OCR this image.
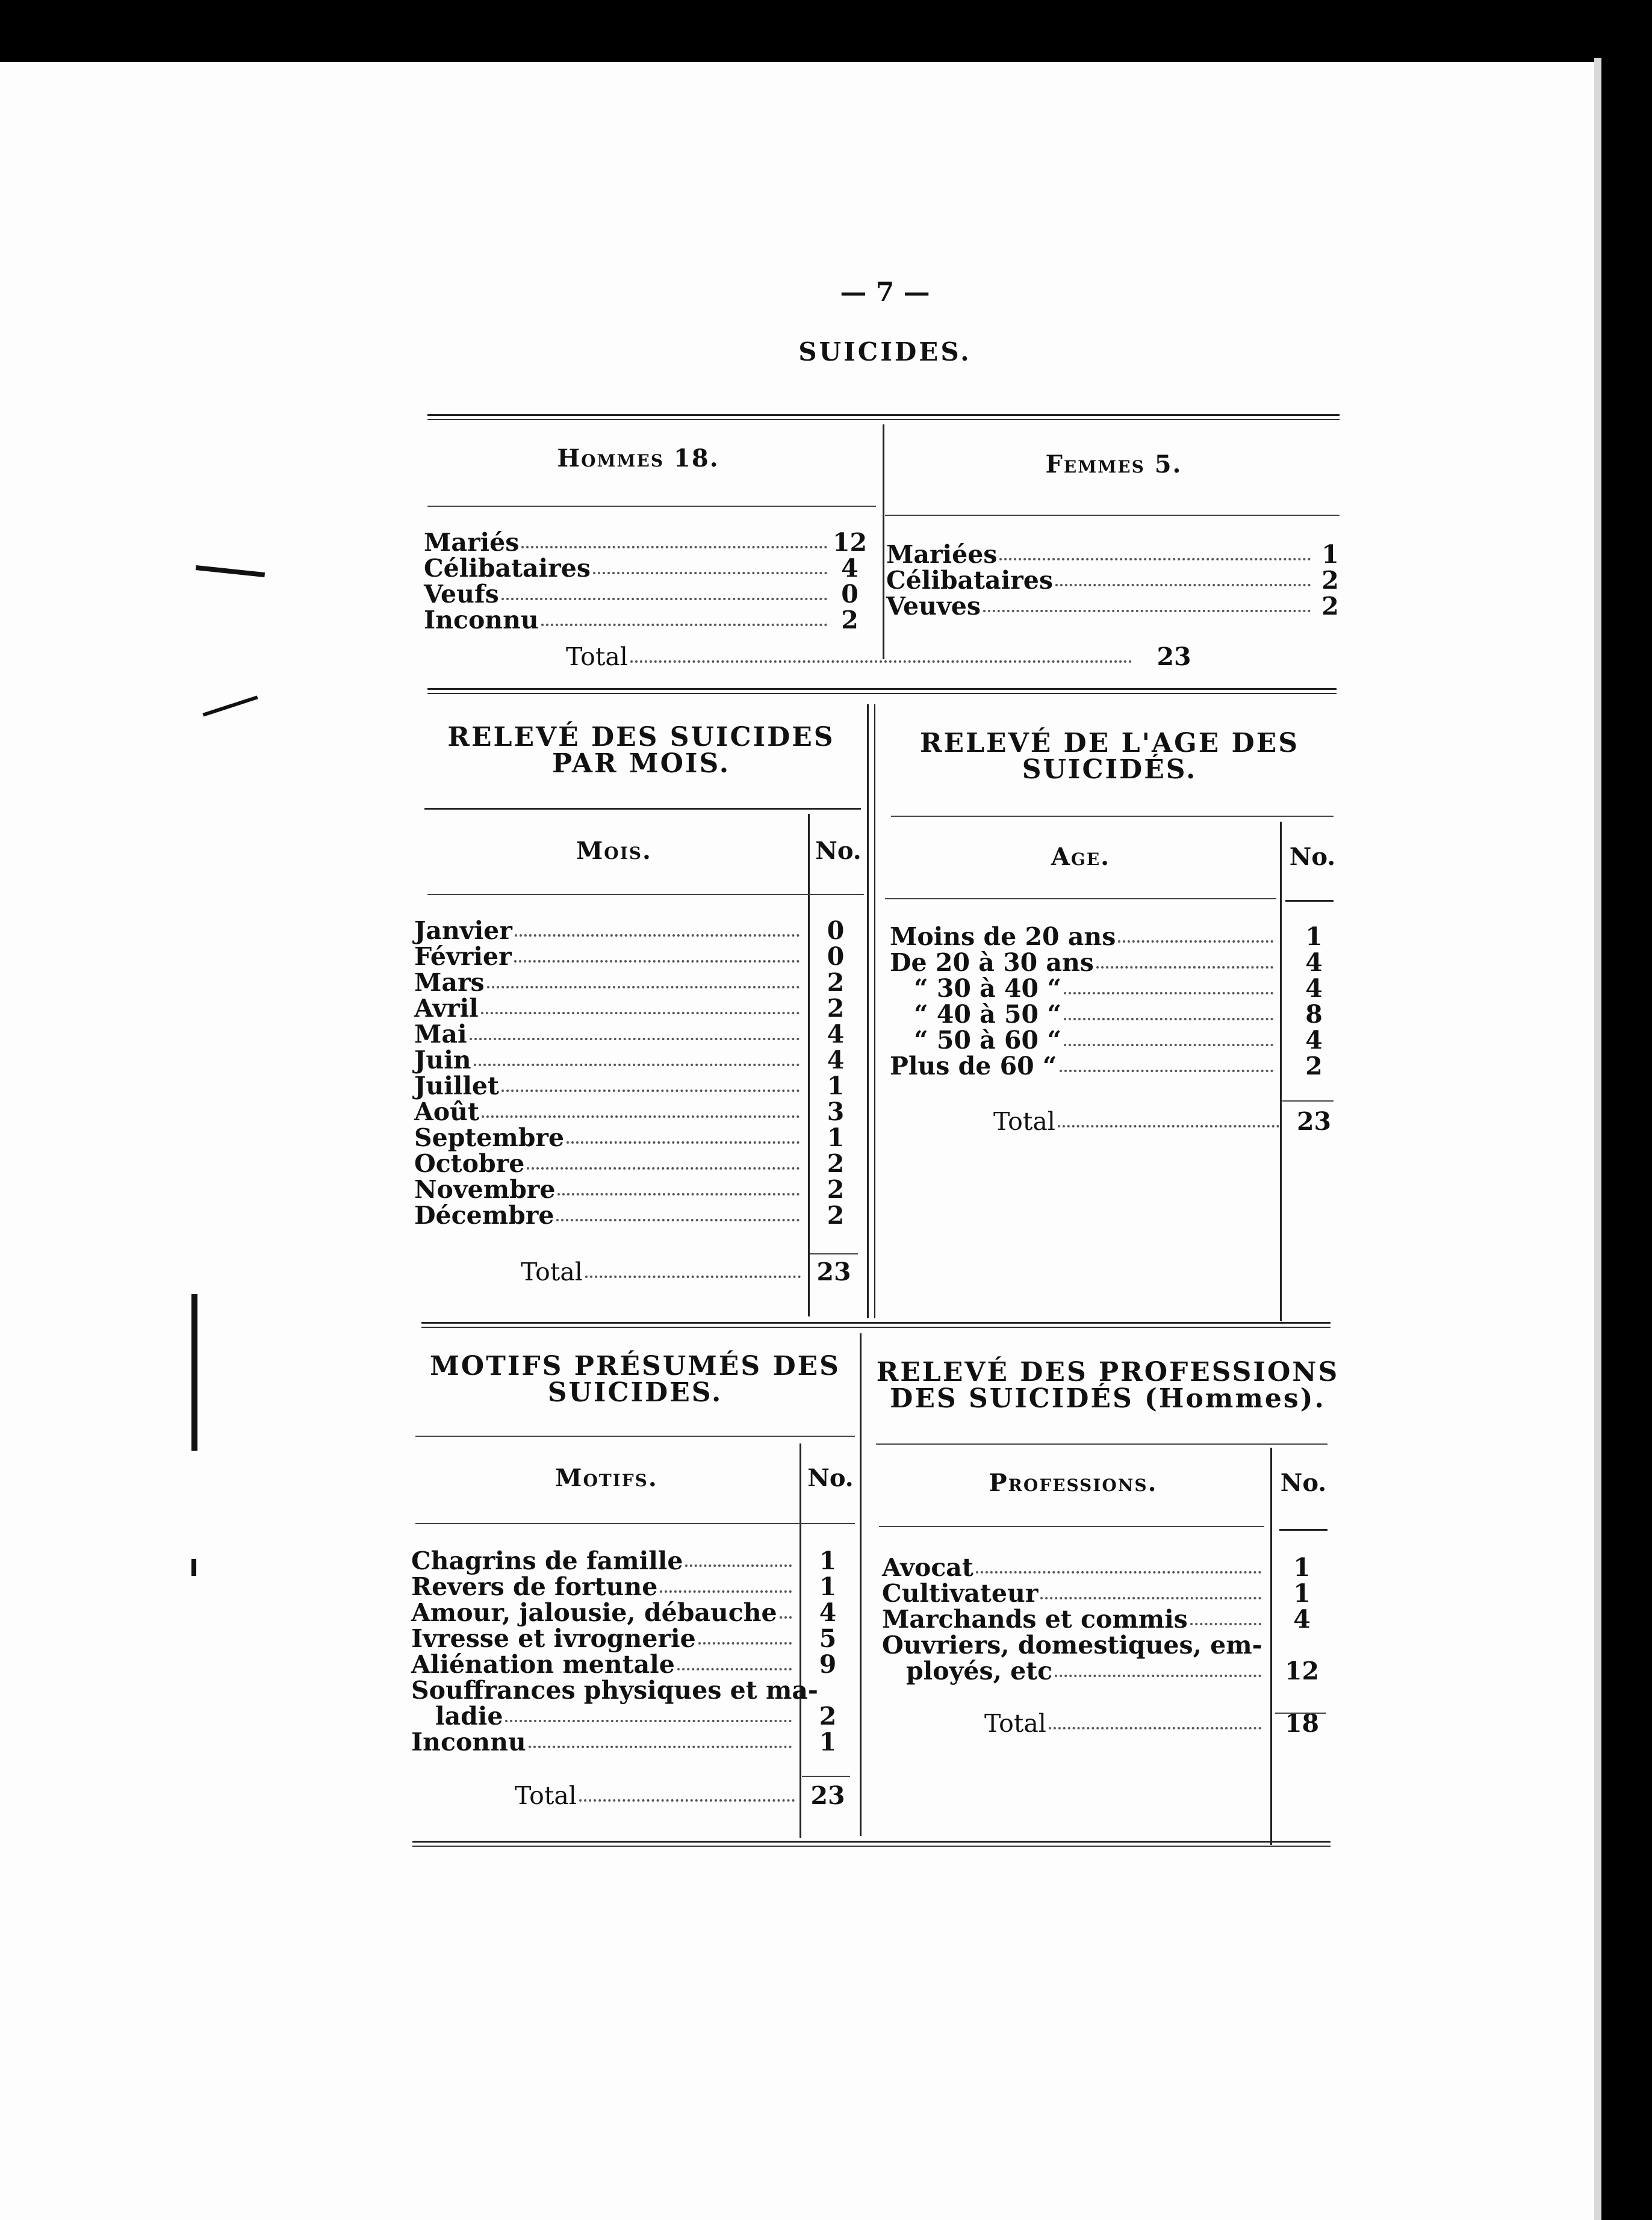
— 7 —
SUICIDES.
Hommes 18.	Femmes 5.
Mariés	12
Célibataires	4
Veufs	0
Inconnu	2
Mariées	1
Célibataires	2
Veuves	2
Total	23
RELEVÉ DES SUICIDES
PAR MOIS.
RELEVÉ DE L'AGE DES
SUICIDÉS.
Mois.	No.
Janvier	0
Février	0
Mars	2
Avril	2
Mai	4
Juin	4
Juillet	1
Août	3
Septembre	1
Octobre	2
Novembre	2
Décembre	2
Total	23
Age.	No.
Moins de 20 ans	1
De 20 à 30 ans	4
“ 30 à 40 “	4
“ 40 à 50 “	8
“ 50 à 60 “	4
Plus de 60 “	2
Total	23
MOTIFS PRÉSUMÉS DES
SUICIDES.
RELEVÉ DES PROFESSIONS
DES SUICIDÉS (Hommes).
Motifs.	No.
Chagrins de famille	1
Revers de fortune	1
Amour, jalousie, débauche	4
Ivresse et ivrognerie	5
Aliénation mentale	9
Souffrances physiques et ma-
ladie	2
Inconnu	1
Total	23
Professions.	No.
Avocat	1
Cultivateur	1
Marchands et commis	4
Ouvriers, domestiques, em-
ployés, etc	12
Total	18
